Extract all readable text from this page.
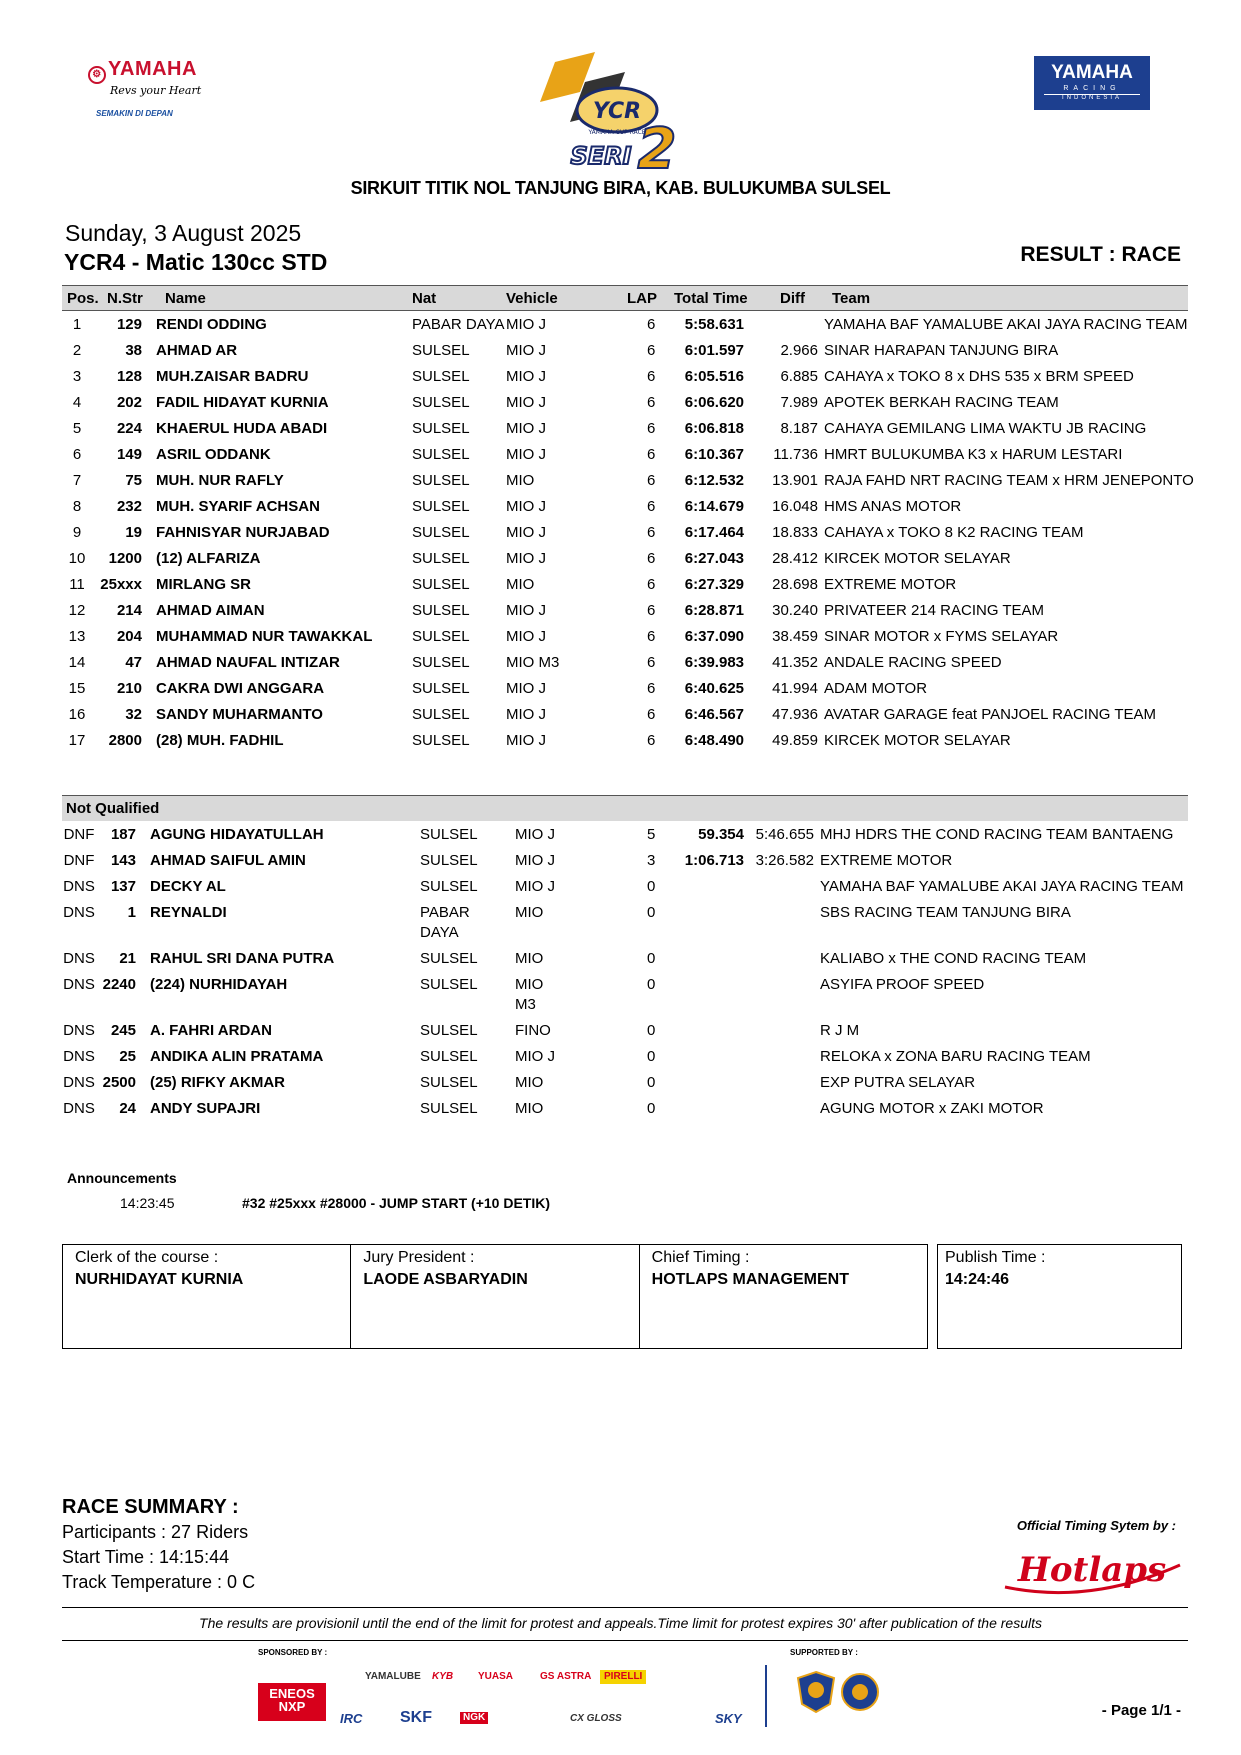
⚙ YAMAHA
Revs your Heart
SEMAKIN DI DEPAN	YCR
YAMAHA CUP RACE
SERI 2
YAMAHA
RACING
INDONESIA
SIRKUIT TITIK NOL TANJUNG BIRA, KAB. BULUKUMBA SULSEL
Sunday, 3 August 2025
YCR4 - Matic 130cc STD	RESULT : RACE
Pos. N.Str Name	Nat	Vehicle	LAP Total Time Diff Team
1	129 RENDI ODDING	PABAR DAYA MIO J	6 5:58.631	YAMAHA BAF YAMALUBE AKAI JAYA RACING TEAM
2	38 AHMAD AR	SULSEL MIO J	6 6:01.597	2.966 SINAR HARAPAN TANJUNG BIRA
3	128 MUH.ZAISAR BADRU	SULSEL MIO J	6 6:05.516	6.885 CAHAYA x TOKO 8 x DHS 535 x BRM SPEED
4	202 FADIL HIDAYAT KURNIA	SULSEL MIO J	6 6:06.620	7.989 APOTEK BERKAH RACING TEAM
5	224 KHAERUL HUDA ABADI	SULSEL MIO J	6 6:06.818	8.187 CAHAYA GEMILANG LIMA WAKTU JB RACING
6	149 ASRIL ODDANK	SULSEL MIO J	6 6:10.367	11.736 HMRT BULUKUMBA K3 x HARUM LESTARI
7	75 MUH. NUR RAFLY	SULSEL MIO	6 6:12.532	13.901 RAJA FAHD NRT RACING TEAM x HRM JENEPONTO
8	232 MUH. SYARIF ACHSAN	SULSEL MIO J	6 6:14.679	16.048 HMS ANAS MOTOR
9	19 FAHNISYAR NURJABAD	SULSEL MIO J	6 6:17.464	18.833 CAHAYA x TOKO 8 K2 RACING TEAM
10	1200 (12) ALFARIZA	SULSEL MIO J	6 6:27.043	28.412 KIRCEK MOTOR SELAYAR
11	25xxx MIRLANG SR	SULSEL MIO	6 6:27.329	28.698 EXTREME MOTOR
12	214 AHMAD AIMAN	SULSEL MIO J	6 6:28.871	30.240 PRIVATEER 214 RACING TEAM
13	204 MUHAMMAD NUR TAWAKKAL	SULSEL MIO J	6 6:37.090	38.459 SINAR MOTOR x FYMS SELAYAR
14	47 AHMAD NAUFAL INTIZAR	SULSEL MIO M3	6 6:39.983	41.352 ANDALE RACING SPEED
15	210 CAKRA DWI ANGGARA	SULSEL MIO J	6 6:40.625	41.994 ADAM MOTOR
16	32 SANDY MUHARMANTO	SULSEL MIO J	6 6:46.567	47.936 AVATAR GARAGE feat PANJOEL RACING TEAM
17	2800 (28) MUH. FADHIL	SULSEL MIO J	6 6:48.490	49.859 KIRCEK MOTOR SELAYAR
Not Qualified
DNF	187 AGUNG HIDAYATULLAH	SULSEL MIO J	5	59.354 5:46.655 MHJ HDRS THE COND RACING TEAM BANTAENG
DNF	143 AHMAD SAIFUL AMIN	SULSEL MIO J	3	1:06.713 3:26.582 EXTREME MOTOR
DNS	137 DECKY AL	SULSEL MIO J	0	YAMAHA BAF YAMALUBE AKAI JAYA RACING TEAM
DNS	1 REYNALDI	PABAR	MIO	0	SBS RACING TEAM TANJUNG BIRA
DAYA
DNS	21 RAHUL SRI DANA PUTRA	SULSEL MIO	0	KALIABO x THE COND RACING TEAM
DNS 2240 (224) NURHIDAYAH	SULSEL MIO	0	ASYIFA PROOF SPEED
M3
DNS	245 A. FAHRI ARDAN	SULSEL FINO	0	R J M
DNS	25 ANDIKA ALIN PRATAMA	SULSEL MIO J	0	RELOKA x ZONA BARU RACING TEAM
DNS 2500 (25) RIFKY AKMAR	SULSEL MIO	0	EXP PUTRA SELAYAR
DNS	24 ANDY SUPAJRI	SULSEL MIO	0	AGUNG MOTOR x ZAKI MOTOR
Announcements
14:23:45	#32 #25xxx #28000 - JUMP START (+10 DETIK)
Clerk of the course :
NURHIDAYAT KURNIA
Jury President :
LAODE ASBARYADIN
Chief Timing :
HOTLAPS MANAGEMENT
Publish Time :
14:24:46
RACE SUMMARY :
Participants : 27 Riders
Start Time : 14:15:44
Track Temperature : 0 C
Official Timing Sytem by :
Hotlaps
The results are provisionil until the end of the limit for protest and appeals.Time limit for protest expires 30' after publication of the results
SPONSORED BY :	SUPPORTED BY :
ENEOS
NXP
YAMALUBE KYB YUASA	GS ASTRA	PIRELLI
IRC SKF	NGK	CX GLOSS	SKY	- Page 1/1 -
